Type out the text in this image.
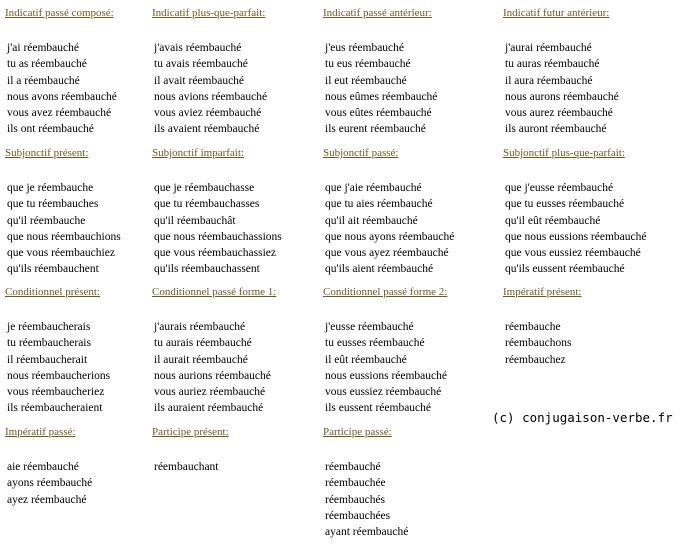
Indicatif passé composé:
j'ai réembauché
tu as réembauché
il a réembauché
nous avons réembauché
vous avez réembauché
ils ont réembauché
Indicatif plus-que-parfait:
j'avais réembauché
tu avais réembauché
il avait réembauché
nous avions réembauché
vous aviez réembauché
ils avaient réembauché
Indicatif passé antérieur:
j'eus réembauché
tu eus réembauché
il eut réembauché
nous eûmes réembauché
vous eûtes réembauché
ils eurent réembauché
Indicatif futur antérieur:
j'aurai réembauché
tu auras réembauché
il aura réembauché
nous aurons réembauché
vous aurez réembauché
ils auront réembauché
Subjonctif présent:
que je réembauche
que tu réembauches
qu'il réembauche
que nous réembauchions
que vous réembauchiez
qu'ils réembauchent
Subjonctif imparfait:
que je réembauchasse
que tu réembauchasses
qu'il réembauchât
que nous réembauchassions
que vous réembauchassiez
qu'ils réembauchassent
Subjonctif passé:
que j'aie réembauché
que tu aies réembauché
qu'il ait réembauché
que nous ayons réembauché
que vous ayez réembauché
qu'ils aient réembauché
Subjonctif plus-que-parfait:
que j'eusse réembauché
que tu eusses réembauché
qu'il eût réembauché
que nous eussions réembauché
que vous eussiez réembauché
qu'ils eussent réembauché
Conditionnel présent:
je réembaucherais
tu réembaucherais
il réembaucherait
nous réembaucherions
vous réembaucheriez
ils réembaucheraient
Conditionnel passé forme 1:
j'aurais réembauché
tu aurais réembauché
il aurait réembauché
nous aurions réembauché
vous auriez réembauché
ils auraient réembauché
Conditionnel passé forme 2:
j'eusse réembauché
tu eusses réembauché
il eût réembauché
nous eussions réembauché
vous eussiez réembauché
ils eussent réembauché
Impératif présent:
réembauche
réembauchons
réembauchez
Impératif passé:
aie réembauché
ayons réembauché
ayez réembauché
Participe présent:
réembauchant
Participe passé:
réembauché
réembauchée
réembauchés
réembauchées
ayant réembauché
(c) conjugaison-verbe.fr
